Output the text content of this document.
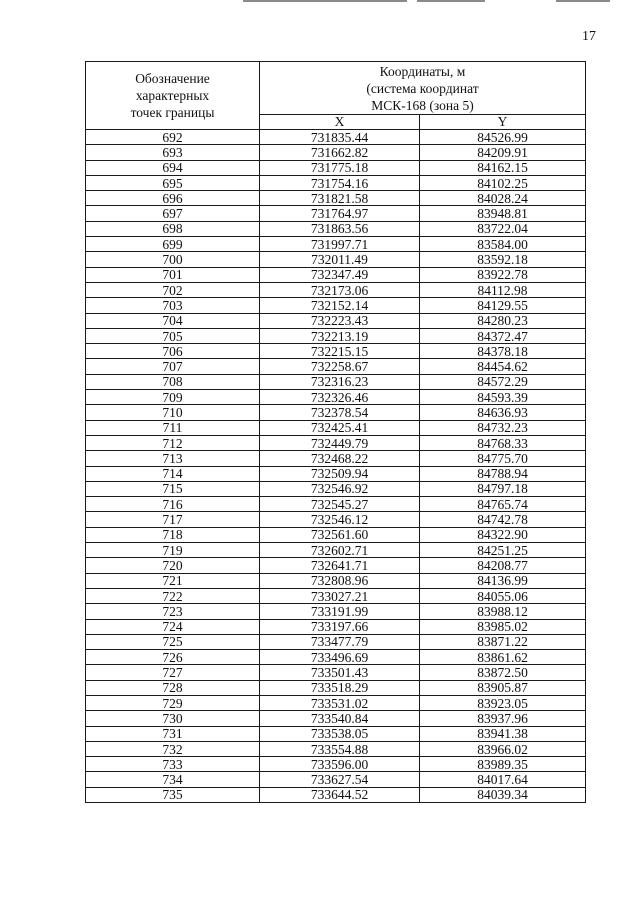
17
Обозначение
характерных
точек границы	Координаты, м
(система координат
МСК-168 (зона 5)	

	X	Y
692	731835.44	84526.99
693	731662.82	84209.91
694	731775.18	84162.15
695	731754.16	84102.25
696	731821.58	84028.24
697	731764.97	83948.81
698	731863.56	83722.04
699	731997.71	83584.00
700	732011.49	83592.18
701	732347.49	83922.78
702	732173.06	84112.98
703	732152.14	84129.55
704	732223.43	84280.23
705	732213.19	84372.47
706	732215.15	84378.18
707	732258.67	84454.62
708	732316.23	84572.29
709	732326.46	84593.39
710	732378.54	84636.93
711	732425.41	84732.23
712	732449.79	84768.33
713	732468.22	84775.70
714	732509.94	84788.94
715	732546.92	84797.18
716	732545.27	84765.74
717	732546.12	84742.78
718	732561.60	84322.90
719	732602.71	84251.25
720	732641.71	84208.77
721	732808.96	84136.99
722	733027.21	84055.06
723	733191.99	83988.12
724	733197.66	83985.02
725	733477.79	83871.22
726	733496.69	83861.62
727	733501.43	83872.50
728	733518.29	83905.87
729	733531.02	83923.05
730	733540.84	83937.96
731	733538.05	83941.38
732	733554.88	83966.02
733	733596.00	83989.35
734	733627.54	84017.64
735	733644.52	84039.34
